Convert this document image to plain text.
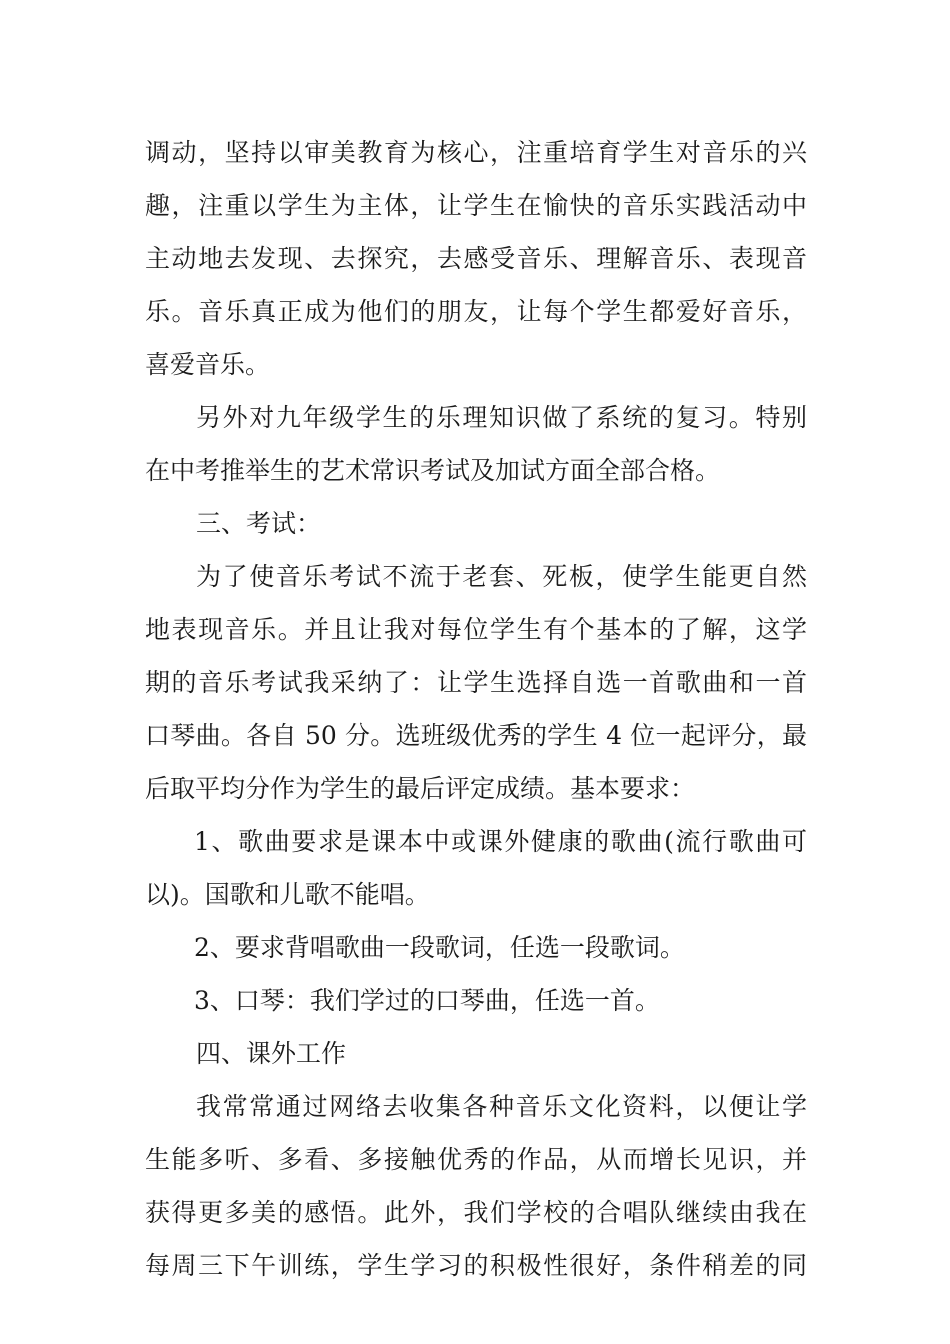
调动，坚持以审美教育为核心，注重培育学生对音乐的兴
趣，注重以学生为主体，让学生在愉快的音乐实践活动中
主动地去发现、去探究，去感受音乐、理解音乐、表现音
乐。音乐真正成为他们的朋友，让每个学生都爱好音乐，
喜爱音乐。
另外对九年级学生的乐理知识做了系统的复习。特别
在中考推举生的艺术常识考试及加试方面全部合格。
三、考试：
为了使音乐考试不流于老套、死板，使学生能更自然
地表现音乐。并且让我对每位学生有个基本的了解，这学
期的音乐考试我采纳了：让学生选择自选一首歌曲和一首
口琴曲。各自 50 分。选班级优秀的学生 4 位一起评分，最
后取平均分作为学生的最后评定成绩。基本要求：
1、歌曲要求是课本中或课外健康的歌曲(流行歌曲可
以)。国歌和儿歌不能唱。
2、要求背唱歌曲一段歌词，任选一段歌词。
3、口琴：我们学过的口琴曲，任选一首。
四、课外工作
我常常通过网络去收集各种音乐文化资料，以便让学
生能多听、多看、多接触优秀的作品，从而增长见识，并
获得更多美的感悟。此外，我们学校的合唱队继续由我在
每周三下午训练，学生学习的积极性很好，条件稍差的同
